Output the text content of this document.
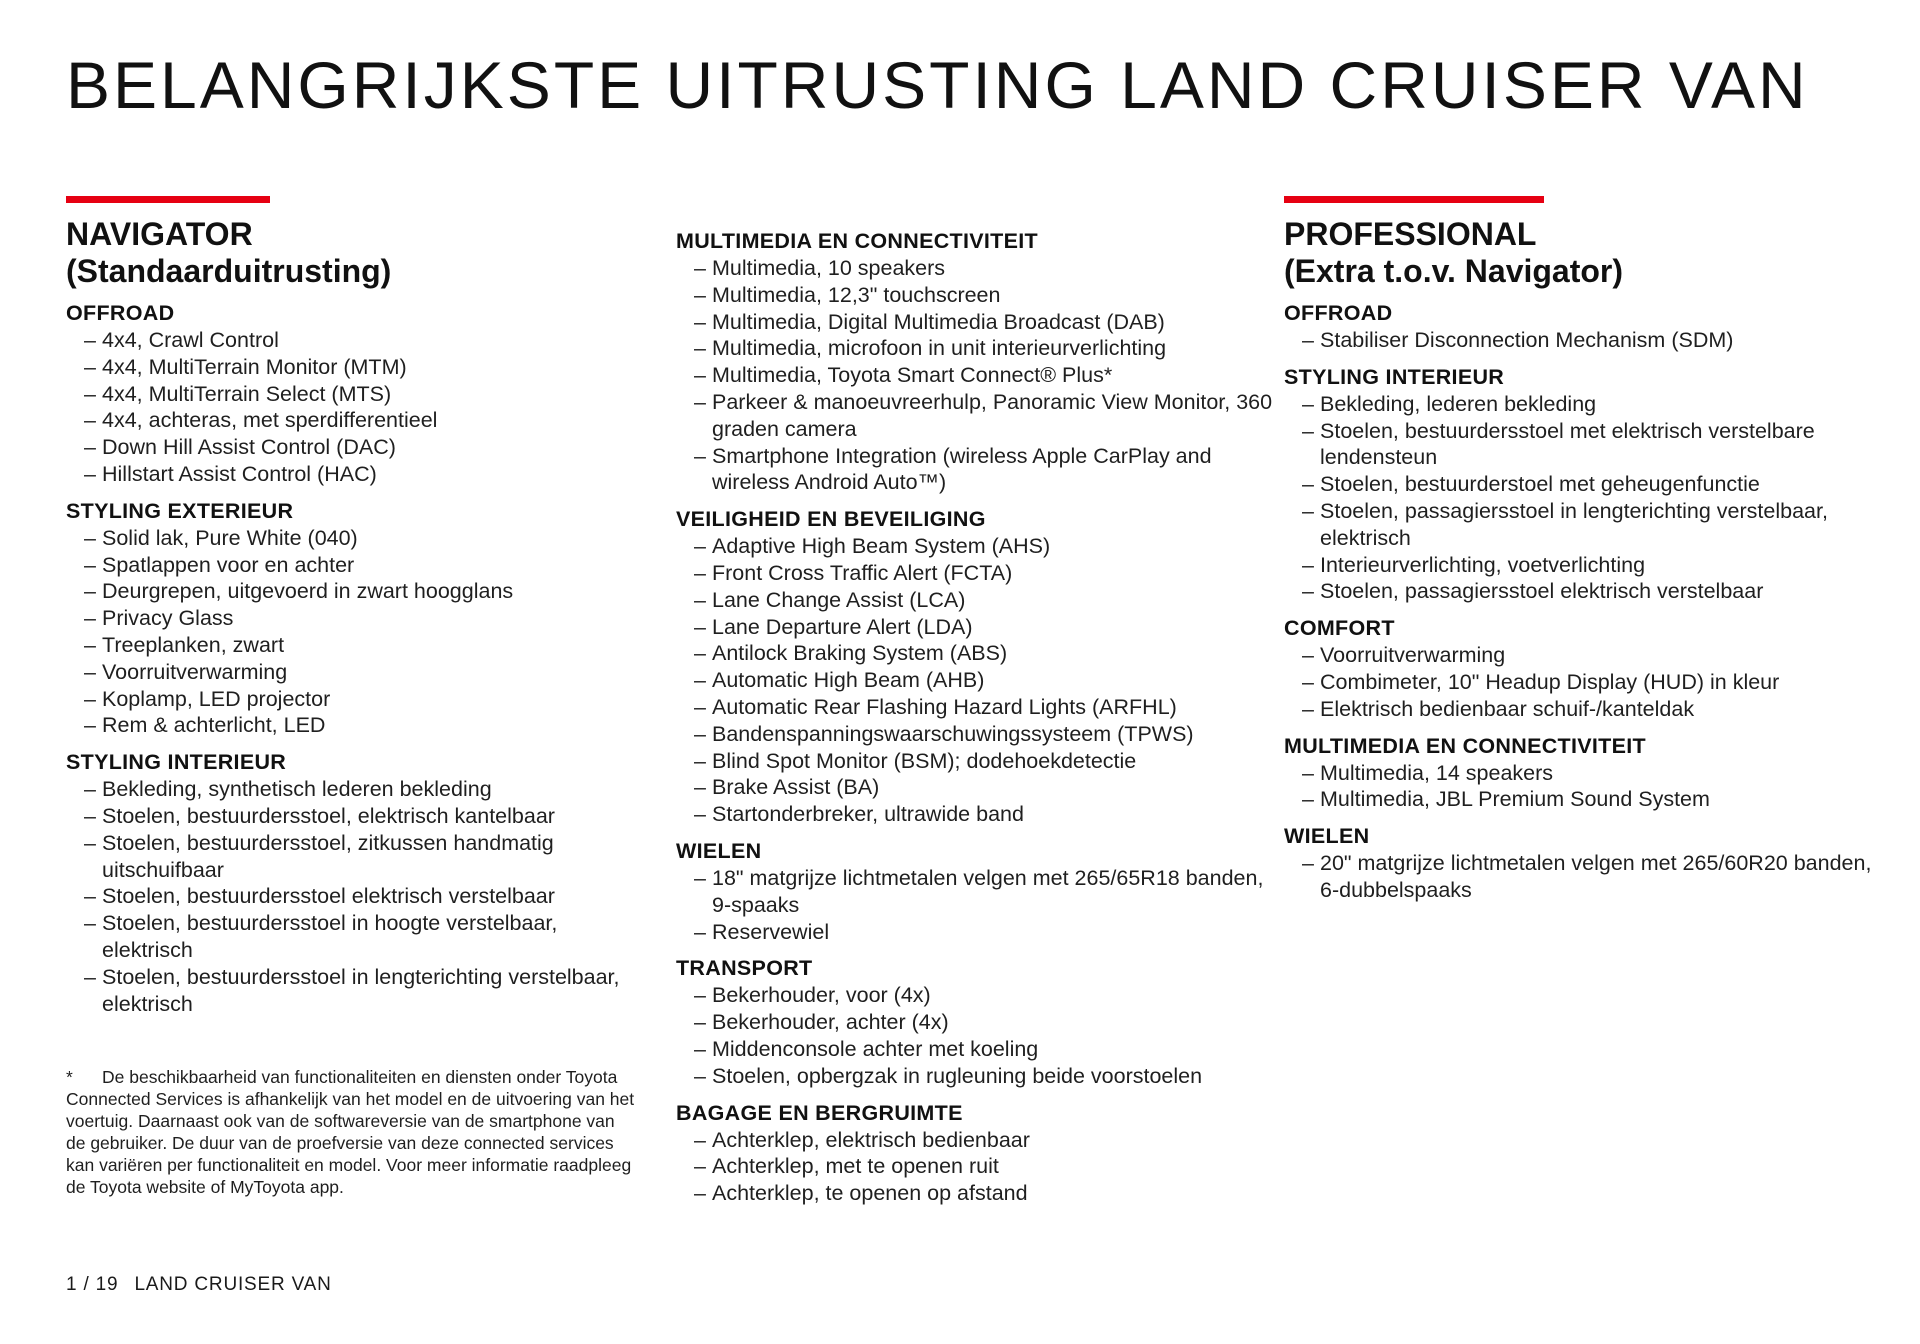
BELANGRIJKSTE UITRUSTING LAND CRUISER VAN
NAVIGATOR
(Standaarduitrusting)
OFFROAD
– 4x4, Crawl Control
– 4x4, MultiTerrain Monitor (MTM)
– 4x4, MultiTerrain Select (MTS)
– 4x4, achteras, met sperdifferentieel
– Down Hill Assist Control (DAC)
– Hillstart Assist Control (HAC)
STYLING EXTERIEUR
– Solid lak, Pure White (040)
– Spatlappen voor en achter
– Deurgrepen, uitgevoerd in zwart hoogglans
– Privacy Glass
– Treeplanken, zwart
– Voorruitverwarming
– Koplamp, LED projector
– Rem & achterlicht, LED
STYLING INTERIEUR
– Bekleding, synthetisch lederen bekleding
– Stoelen, bestuurdersstoel, elektrisch kantelbaar
– Stoelen, bestuurdersstoel, zitkussen handmatig uitschuifbaar
– Stoelen, bestuurdersstoel elektrisch verstelbaar
– Stoelen, bestuurdersstoel in hoogte verstelbaar, elektrisch
– Stoelen, bestuurdersstoel in lengterichting verstelbaar, elektrisch
MULTIMEDIA EN CONNECTIVITEIT
– Multimedia, 10 speakers
– Multimedia, 12,3" touchscreen
– Multimedia, Digital Multimedia Broadcast (DAB)
– Multimedia, microfoon in unit interieurverlichting
– Multimedia, Toyota Smart Connect® Plus*
– Parkeer & manoeuvreerhulp, Panoramic View Monitor, 360 graden camera
– Smartphone Integration (wireless Apple CarPlay and wireless Android Auto™)
VEILIGHEID EN BEVEILIGING
– Adaptive High Beam System (AHS)
– Front Cross Traffic Alert (FCTA)
– Lane Change Assist (LCA)
– Lane Departure Alert (LDA)
– Antilock Braking System (ABS)
– Automatic High Beam (AHB)
– Automatic Rear Flashing Hazard Lights (ARFHL)
– Bandenspanningswaarschuwingssysteem (TPWS)
– Blind Spot Monitor (BSM); dodehoekdetectie
– Brake Assist (BA)
– Startonderbreker, ultrawide band
WIELEN
– 18" matgrijze lichtmetalen velgen met 265/65R18 banden, 9-spaaks
– Reservewiel
TRANSPORT
– Bekerhouder, voor (4x)
– Bekerhouder, achter (4x)
– Middenconsole achter met koeling
– Stoelen, opbergzak in rugleuning beide voorstoelen
BAGAGE EN BERGRUIMTE
– Achterklep, elektrisch bedienbaar
– Achterklep, met te openen ruit
– Achterklep, te openen op afstand
PROFESSIONAL
(Extra t.o.v. Navigator)
OFFROAD
– Stabiliser Disconnection Mechanism (SDM)
STYLING INTERIEUR
– Bekleding, lederen bekleding
– Stoelen, bestuurdersstoel met elektrisch verstelbare lendensteun
– Stoelen, bestuurderstoel met geheugenfunctie
– Stoelen, passagiersstoel in lengterichting verstelbaar, elektrisch
– Interieurverlichting, voetverlichting
– Stoelen, passagiersstoel elektrisch verstelbaar
COMFORT
– Voorruitverwarming
– Combimeter, 10" Headup Display (HUD) in kleur
– Elektrisch bedienbaar schuif-/kanteldak
MULTIMEDIA EN CONNECTIVITEIT
– Multimedia, 14 speakers
– Multimedia, JBL Premium Sound System
WIELEN
– 20" matgrijze lichtmetalen velgen met 265/60R20 banden, 6-dubbelspaaks

* De beschikbaarheid van functionaliteiten en diensten onder Toyota Connected Services is afhankelijk van het model en de uitvoering van het voertuig. Daarnaast ook van de softwareversie van de smartphone van de gebruiker. De duur van de proefversie van deze connected services kan variëren per functionaliteit en model. Voor meer informatie raadpleeg de Toyota website of MyToyota app.

1 / 19 LAND CRUISER VAN
